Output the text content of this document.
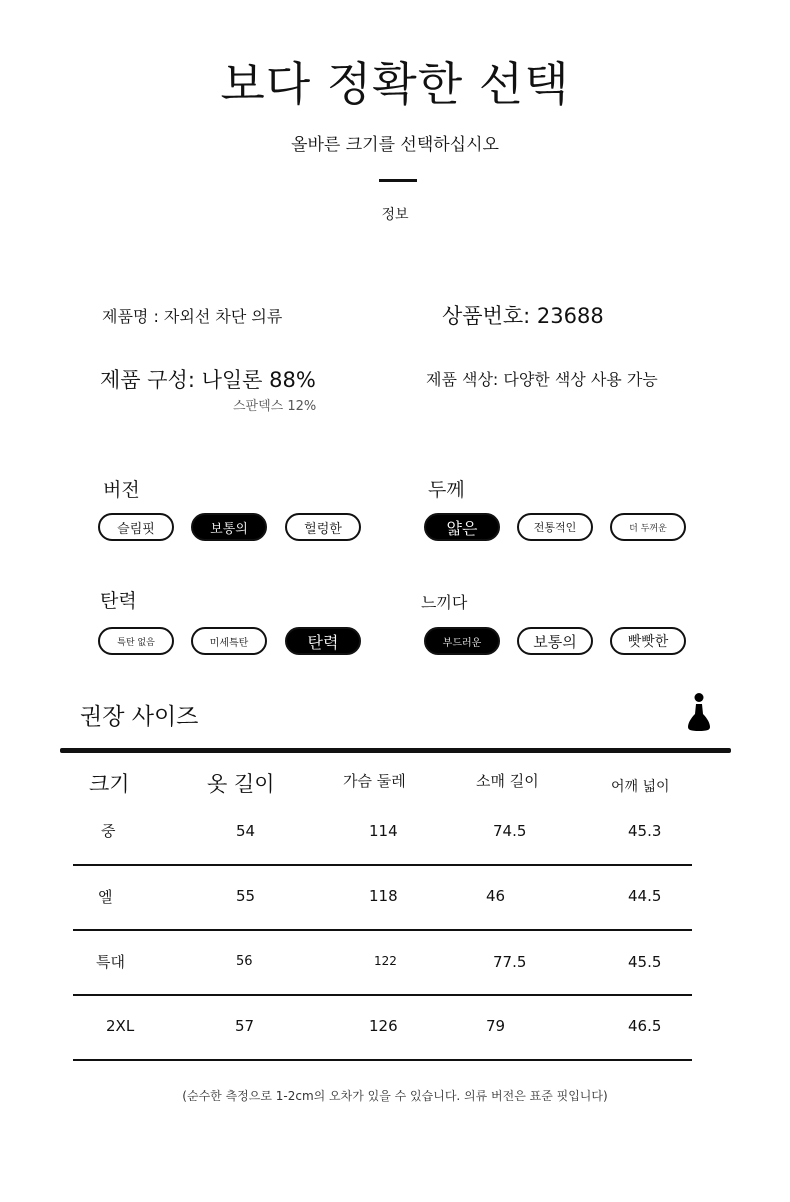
보다 정확한 선택
올바른 크기를 선택하십시오
정보
제품명 : 자외선 차단 의류	상품번호: 23688
제품 구성: 나일론 88%
스판덱스 12%
제품 색상: 다양한 색상 사용 가능
버전
슬림핏	보통의	헐렁한
두께
얇은	전통적인	더 두꺼운
탄력
특탄 없음	미세특탄	탄력
느끼다
부드러운	보통의	빳빳한
권장 사이즈
크기	옷 길이	가슴 둘레	소매 길이	어깨 넓이
중	54	114	74.5	45.3
엘	55	118	46	44.5
특대	56	122	77.5	45.5
2XL	57	126	79	46.5
(순수한 측정으로 1-2cm의 오차가 있을 수 있습니다. 의류 버전은 표준 핏입니다)
